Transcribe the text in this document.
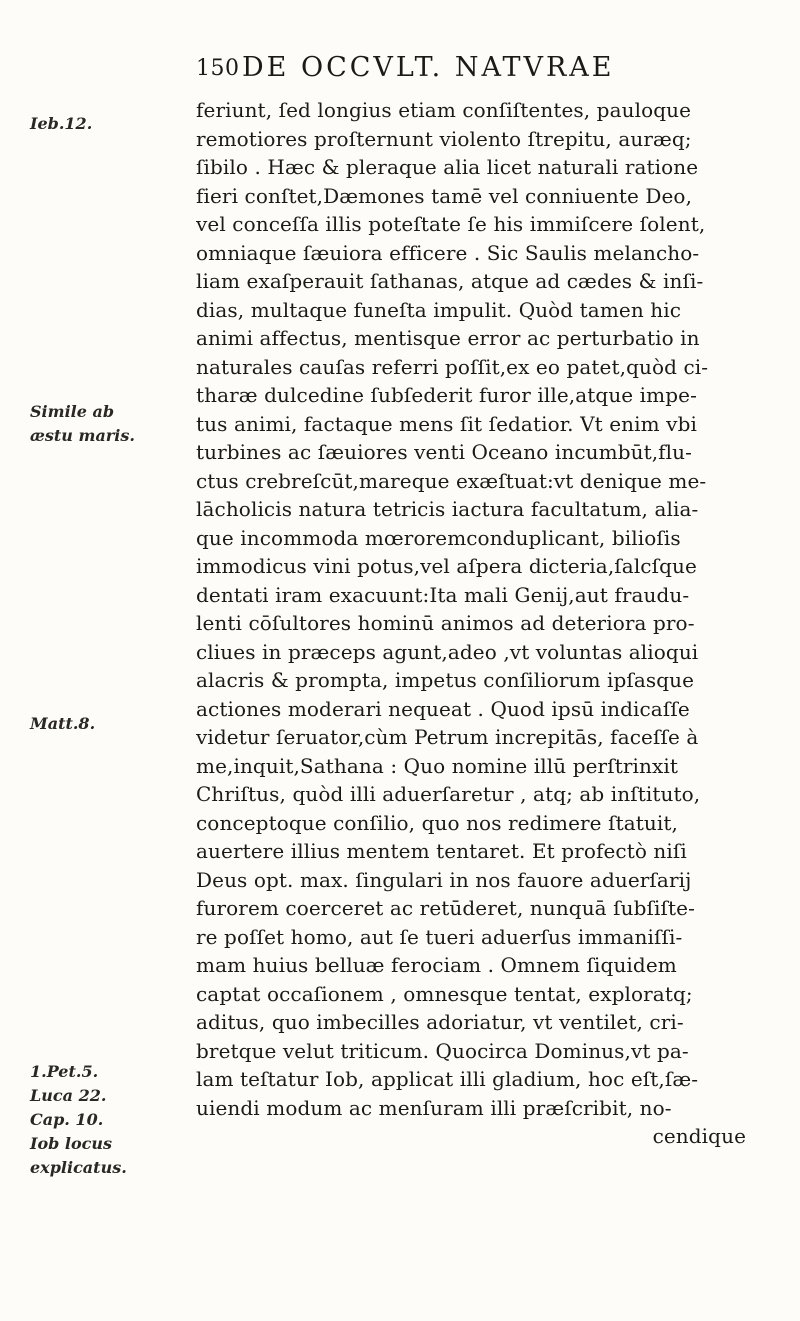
150 DE OCCVLT. NATVRAE
Ieb.12.
Simile ab
æstu maris.
Matt.8.
1.Pet.5.
Luca 22.
Cap. 10.
Iob locus
explicatus.
feriunt, ſed longius etiam conſiſtentes, pauloque
remotiores proſternunt violento ſtrepitu, auræq;
ſibilo . Hæc & pleraque alia licet naturali ratione
fieri conſtet,Dæmones tamē vel conniuente Deo,
vel conceſſa illis poteſtate ſe his immiſcere ſolent,
omniaque ſæuiora efficere . Sic Saulis melancho-
liam exaſperauit ſathanas, atque ad cædes & inſi-
dias, multaque funeſta impulit. Quòd tamen hic
animi affectus, mentisque error ac perturbatio in
naturales cauſas referri poſſit,ex eo patet,quòd ci-
tharæ dulcedine ſubſederit furor ille,atque impe-
tus animi, factaque mens ſit ſedatior. Vt enim vbi
turbines ac ſæuiores venti Oceano incumbūt,flu-
ctus crebreſcūt,mareque exæſtuat:vt denique me-
lācholicis natura tetricis iactura facultatum, alia-
que incommoda mœroremconduplicant, bilioſis
immodicus vini potus,vel aſpera dicteria,ſalcſque
dentati iram exacuunt:Ita mali Genij,aut fraudu-
lenti cōſultores hominū animos ad deteriora pro-
cliues in præceps agunt,adeo ,vt voluntas alioqui
alacris & prompta, impetus conſiliorum ipſasque
actiones moderari nequeat . Quod ipsū indicaſſe
videtur ſeruator,cùm Petrum increpitās, faceſſe à
me,inquit,Sathana : Quo nomine illū perſtrinxit
Chriſtus, quòd illi aduerſaretur , atq; ab inſtituto,
conceptoque conſilio, quo nos redimere ſtatuit,
auertere illius mentem tentaret. Et profectò niſi
Deus opt. max. ſingulari in nos fauore aduerſarij
furorem coerceret ac retūderet, nunquā ſubſiſte-
re poſſet homo, aut ſe tueri aduerſus immaniſſi-
mam huius belluæ ferociam . Omnem ſiquidem
captat occaſionem , omnesque tentat, exploratq;
aditus, quo imbecilles adoriatur, vt ventilet, cri-
bretque velut triticum. Quocirca Dominus,vt pa-
lam teſtatur Iob, applicat illi gladium, hoc eſt,ſæ-
uiendi modum ac menſuram illi præſcribit, no-
cendique
